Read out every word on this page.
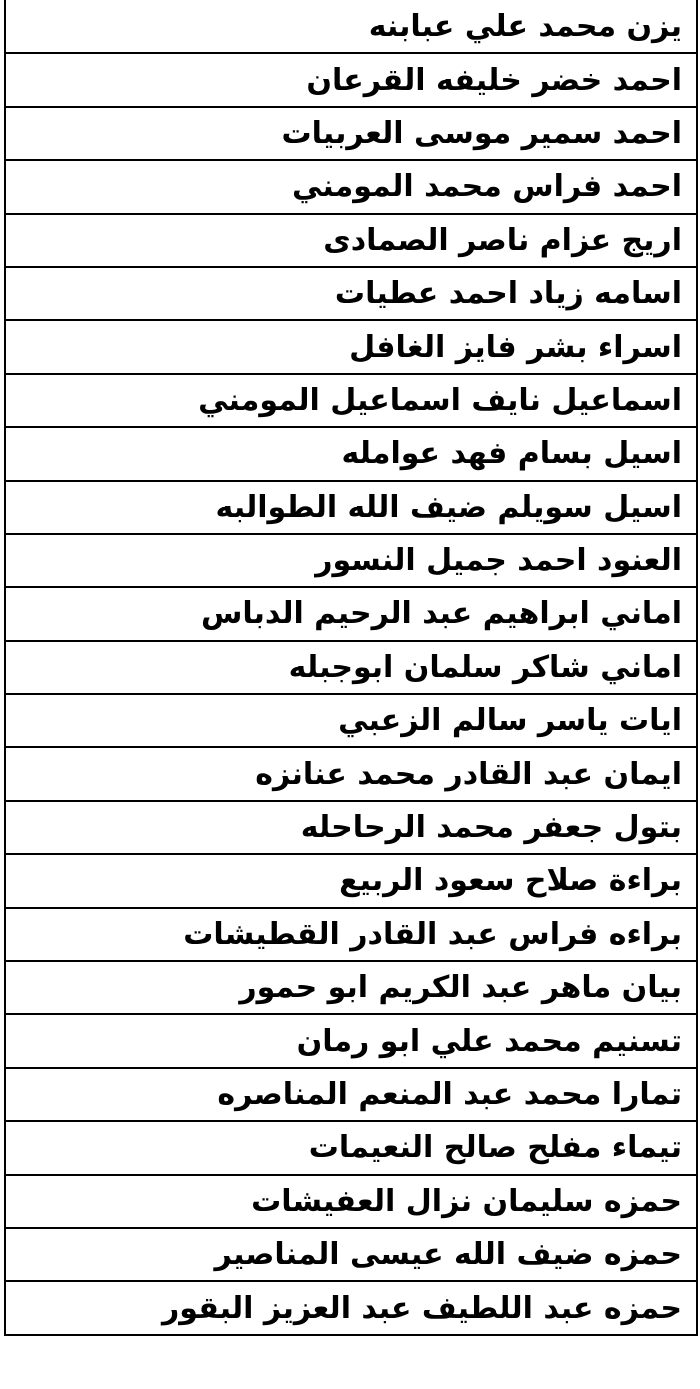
يزن محمد علي عبابنه
احمد خضر خليفه القرعان
احمد سمير موسى العربيات
احمد فراس محمد المومني
اريج عزام ناصر الصمادى
اسامه زياد احمد عطيات
اسراء بشر فايز الغافل
اسماعيل نايف اسماعيل المومني
اسيل بسام فهد عوامله
اسيل سويلم ضيف الله الطوالبه
العنود احمد جميل النسور
اماني ابراهيم عبد الرحيم الدباس
اماني شاكر سلمان ابوجبله
ايات ياسر سالم الزعبي
ايمان عبد القادر محمد عنانزه
بتول جعفر محمد الرحاحله
براءة صلاح سعود الربيع
براءه فراس عبد القادر القطيشات
بيان ماهر عبد الكريم ابو حمور
تسنيم محمد علي ابو رمان
تمارا محمد عبد المنعم المناصره
تيماء مفلح صالح النعيمات
حمزه سليمان نزال العفيشات
حمزه ضيف الله عيسى المناصير
حمزه عبد اللطيف عبد العزيز البقور
